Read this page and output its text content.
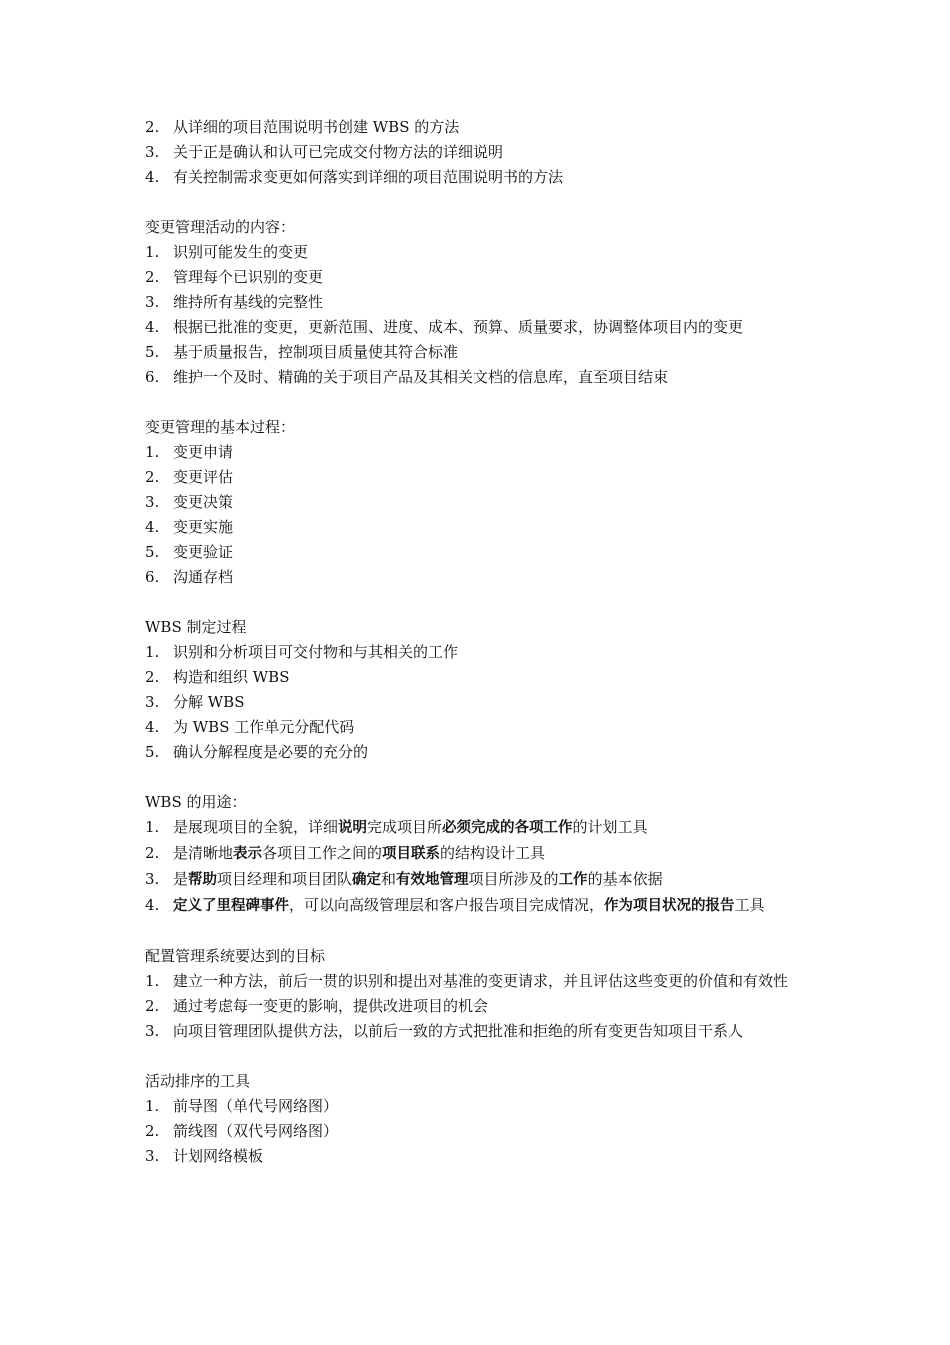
2. 从详细的项目范围说明书创建 WBS 的方法
3. 关于正是确认和认可已完成交付物方法的详细说明
4. 有关控制需求变更如何落实到详细的项目范围说明书的方法
变更管理活动的内容：
1. 识别可能发生的变更
2. 管理每个已识别的变更
3. 维持所有基线的完整性
4. 根据已批准的变更，更新范围、进度、成本、预算、质量要求，协调整体项目内的变更
5. 基于质量报告，控制项目质量使其符合标准
6. 维护一个及时、精确的关于项目产品及其相关文档的信息库，直至项目结束
变更管理的基本过程：
1. 变更申请
2. 变更评估
3. 变更决策
4. 变更实施
5. 变更验证
6. 沟通存档
WBS 制定过程
1. 识别和分析项目可交付物和与其相关的工作
2. 构造和组织 WBS
3. 分解 WBS
4. 为 WBS 工作单元分配代码
5. 确认分解程度是必要的充分的
WBS 的用途：
1. 是展现项目的全貌，详细说明完成项目所必须完成的各项工作的计划工具
2. 是清晰地表示各项目工作之间的项目联系的结构设计工具
3. 是帮助项目经理和项目团队确定和有效地管理项目所涉及的工作的基本依据
4. 定义了里程碑事件，可以向高级管理层和客户报告项目完成情况，作为项目状况的报告工具
配置管理系统要达到的目标
1. 建立一种方法，前后一贯的识别和提出对基准的变更请求，并且评估这些变更的价值和有效性
2. 通过考虑每一变更的影响，提供改进项目的机会
3. 向项目管理团队提供方法，以前后一致的方式把批准和拒绝的所有变更告知项目干系人
活动排序的工具
1. 前导图（单代号网络图）
2. 箭线图（双代号网络图）
3. 计划网络模板
